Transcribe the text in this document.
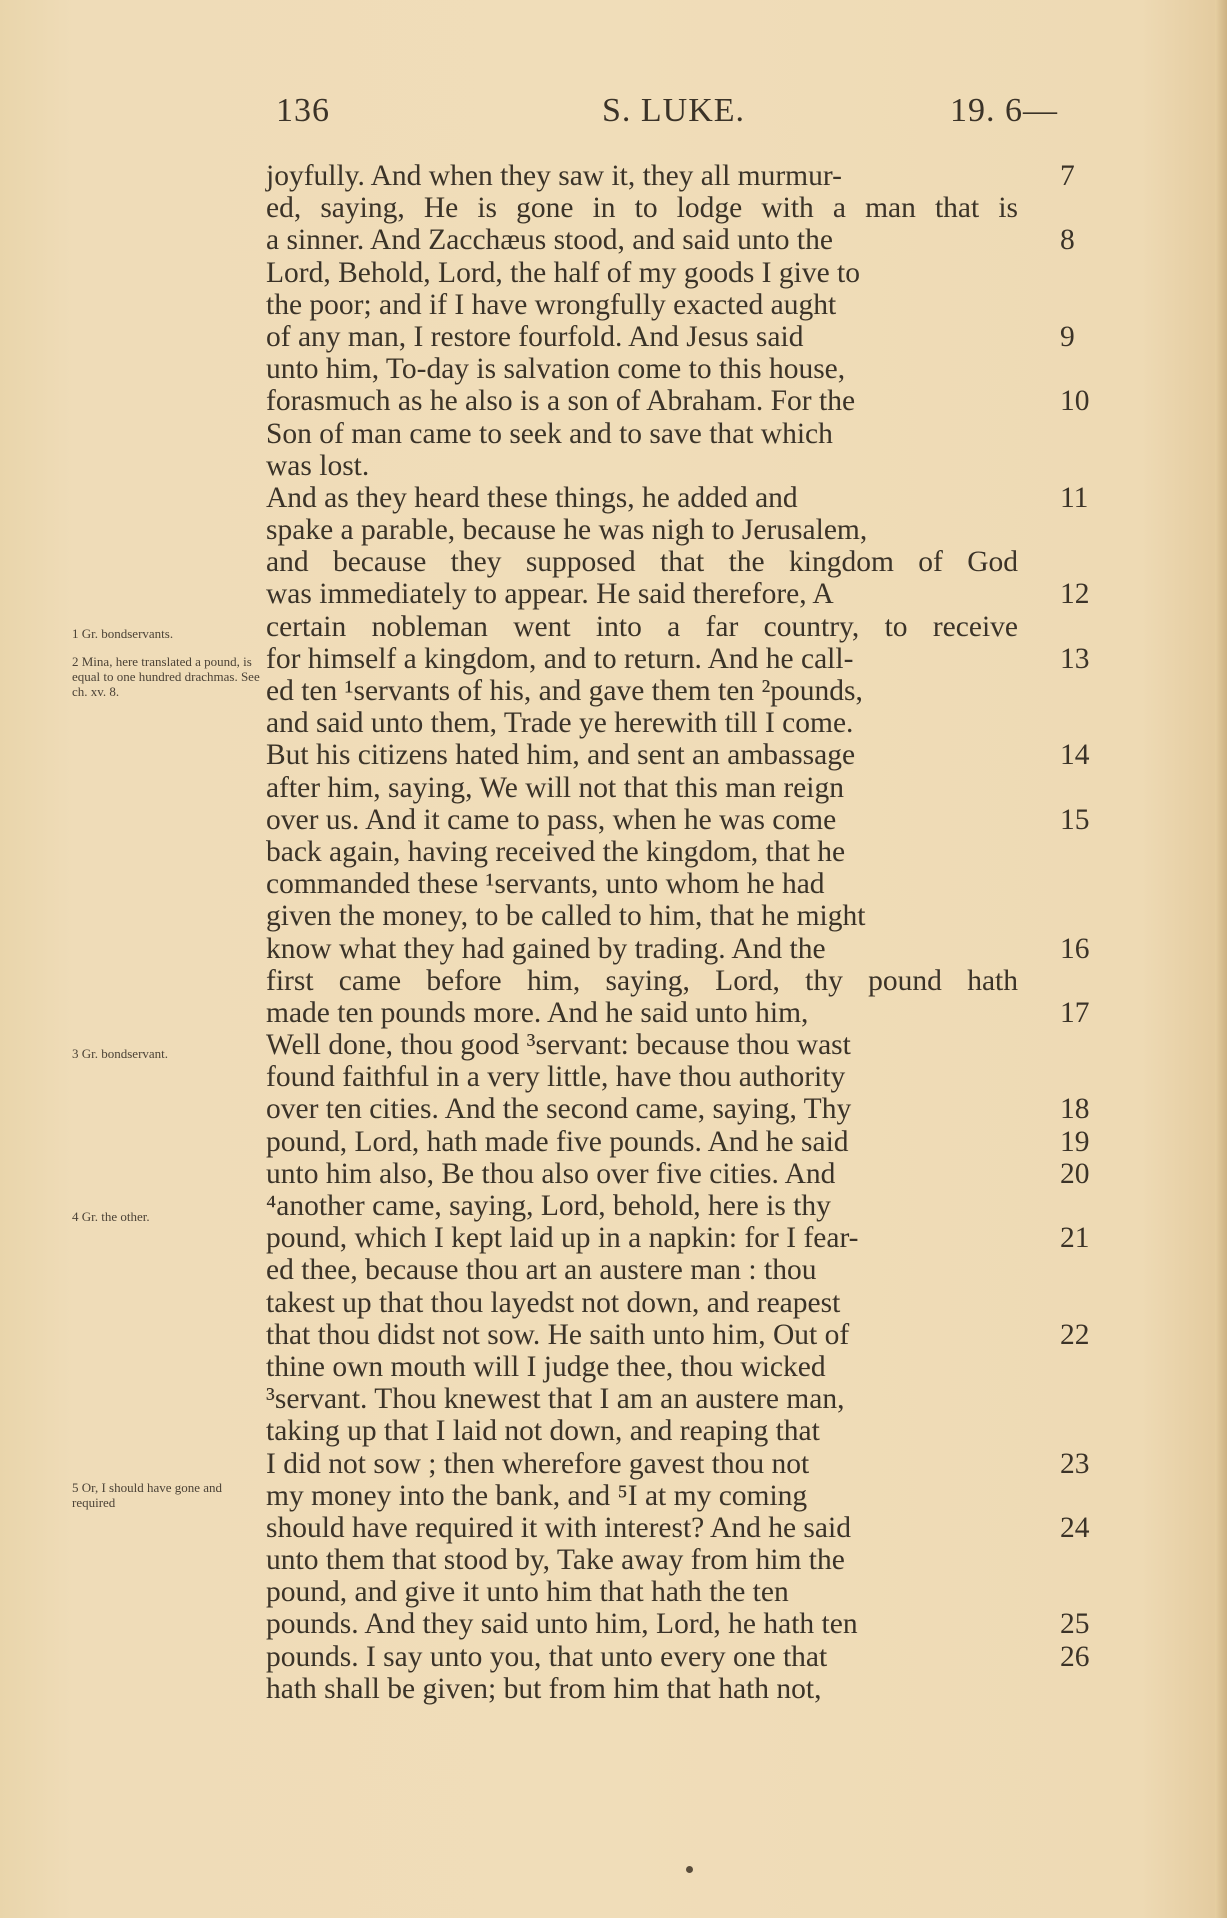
136	S. LUKE.	19. 6—
1 Gr. bondservants.
2 Mina, here translated a pound, is equal to one hundred drachmas. See ch. xv. 8.
3 Gr. bondservant.
4 Gr. the other.
5 Or, I should have gone and required
joyfully. And when they saw it, they all murmur-	7
ed, saying, He is gone in to lodge with a man that is
a sinner. And Zacchæus stood, and said unto the	8
Lord, Behold, Lord, the half of my goods I give to
the poor; and if I have wrongfully exacted aught
of any man, I restore fourfold. And Jesus said	9
unto him, To-day is salvation come to this house,
forasmuch as he also is a son of Abraham. For the	10
Son of man came to seek and to save that which
was lost.
And as they heard these things, he added and	11
spake a parable, because he was nigh to Jerusalem,
and because they supposed that the kingdom of God
was immediately to appear. He said therefore, A	12
certain nobleman went into a far country, to receive
for himself a kingdom, and to return. And he call-	13
ed ten ¹servants of his, and gave them ten ²pounds,
and said unto them, Trade ye herewith till I come.
But his citizens hated him, and sent an ambassage	14
after him, saying, We will not that this man reign
over us. And it came to pass, when he was come	15
back again, having received the kingdom, that he
commanded these ¹servants, unto whom he had
given the money, to be called to him, that he might
know what they had gained by trading. And the	16
first came before him, saying, Lord, thy pound hath
made ten pounds more. And he said unto him,	17
Well done, thou good ³servant: because thou wast
found faithful in a very little, have thou authority
over ten cities. And the second came, saying, Thy	18
pound, Lord, hath made five pounds. And he said	19
unto him also, Be thou also over five cities. And	20
⁴another came, saying, Lord, behold, here is thy
pound, which I kept laid up in a napkin: for I fear-	21
ed thee, because thou art an austere man : thou
takest up that thou layedst not down, and reapest
that thou didst not sow. He saith unto him, Out of	22
thine own mouth will I judge thee, thou wicked
³servant. Thou knewest that I am an austere man,
taking up that I laid not down, and reaping that
I did not sow ; then wherefore gavest thou not	23
my money into the bank, and ⁵I at my coming
should have required it with interest? And he said	24
unto them that stood by, Take away from him the
pound, and give it unto him that hath the ten
pounds. And they said unto him, Lord, he hath ten	25
pounds. I say unto you, that unto every one that	26
hath shall be given; but from him that hath not,
